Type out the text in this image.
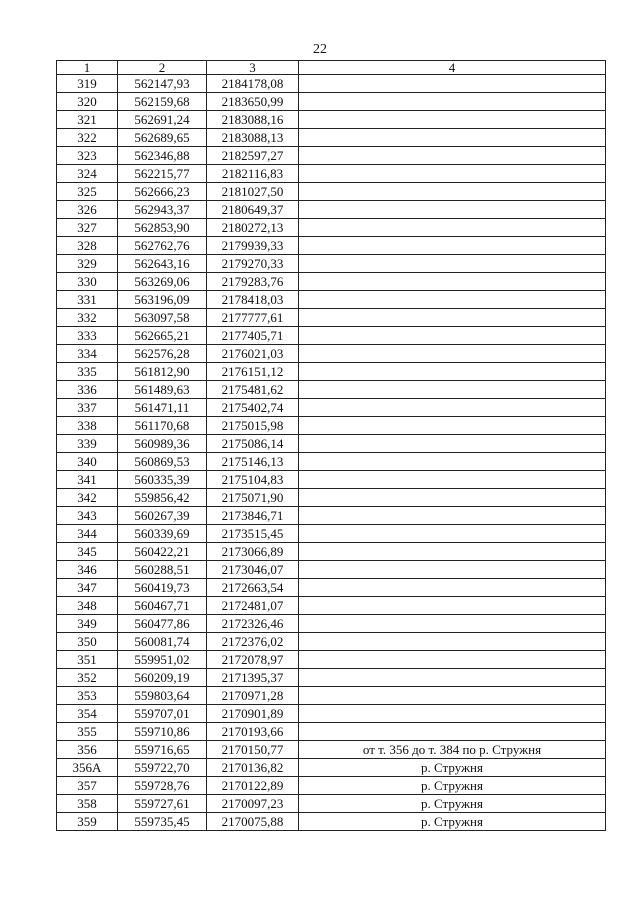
22
1	2	3	4
319	562147,93	2184178,08	
320	562159,68	2183650,99	
321	562691,24	2183088,16	
322	562689,65	2183088,13	
323	562346,88	2182597,27	
324	562215,77	2182116,83	
325	562666,23	2181027,50	
326	562943,37	2180649,37	
327	562853,90	2180272,13	
328	562762,76	2179939,33	
329	562643,16	2179270,33	
330	563269,06	2179283,76	
331	563196,09	2178418,03	
332	563097,58	2177777,61	
333	562665,21	2177405,71	
334	562576,28	2176021,03	
335	561812,90	2176151,12	
336	561489,63	2175481,62	
337	561471,11	2175402,74	
338	561170,68	2175015,98	
339	560989,36	2175086,14	
340	560869,53	2175146,13	
341	560335,39	2175104,83	
342	559856,42	2175071,90	
343	560267,39	2173846,71	
344	560339,69	2173515,45	
345	560422,21	2173066,89	
346	560288,51	2173046,07	
347	560419,73	2172663,54	
348	560467,71	2172481,07	
349	560477,86	2172326,46	
350	560081,74	2172376,02	
351	559951,02	2172078,97	
352	560209,19	2171395,37	
353	559803,64	2170971,28	
354	559707,01	2170901,89	
355	559710,86	2170193,66	
356	559716,65	2170150,77	от т. 356 до т. 384 по р. Стружня
356А	559722,70	2170136,82	р. Стружня
357	559728,76	2170122,89	р. Стружня
358	559727,61	2170097,23	р. Стружня
359	559735,45	2170075,88	р. Стружня
